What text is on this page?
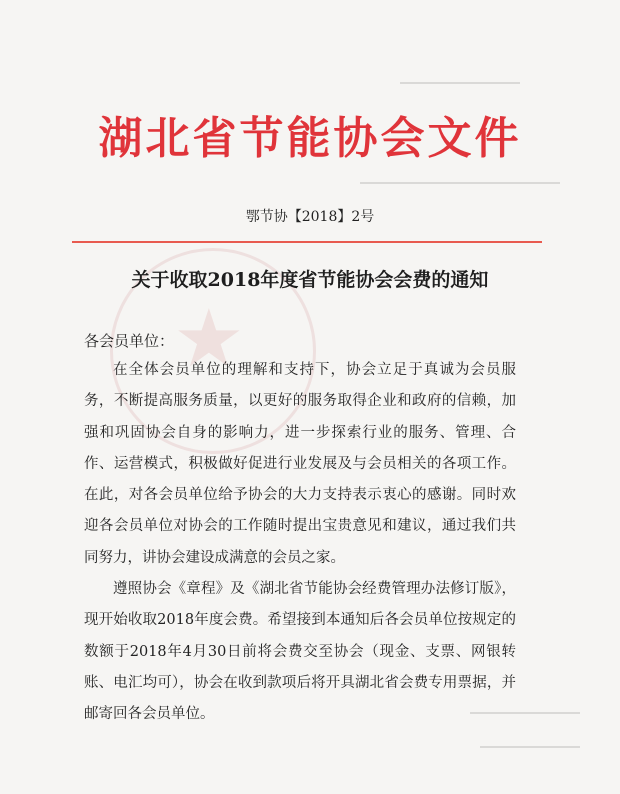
★
湖北省节能协会文件
鄂节协【2018】2号
关于收取2018年度省节能协会会费的通知
各会员单位：

在全体会员单位的理解和支持下，协会立足于真诚为会员服务，不断提高服务质量，以更好的服务取得企业和政府的信赖，加强和巩固协会自身的影响力，进一步探索行业的服务、管理、合作、运营模式，积极做好促进行业发展及与会员相关的各项工作。在此，对各会员单位给予协会的大力支持表示衷心的感谢。同时欢迎各会员单位对协会的工作随时提出宝贵意见和建议，通过我们共同努力，讲协会建设成满意的会员之家。

遵照协会《章程》及《湖北省节能协会经费管理办法修订版》，现开始收取2018年度会费。希望接到本通知后各会员单位按规定的数额于2018年4月30日前将会费交至协会（现金、支票、网银转账、电汇均可），协会在收到款项后将开具湖北省会费专用票据，并邮寄回各会员单位。
